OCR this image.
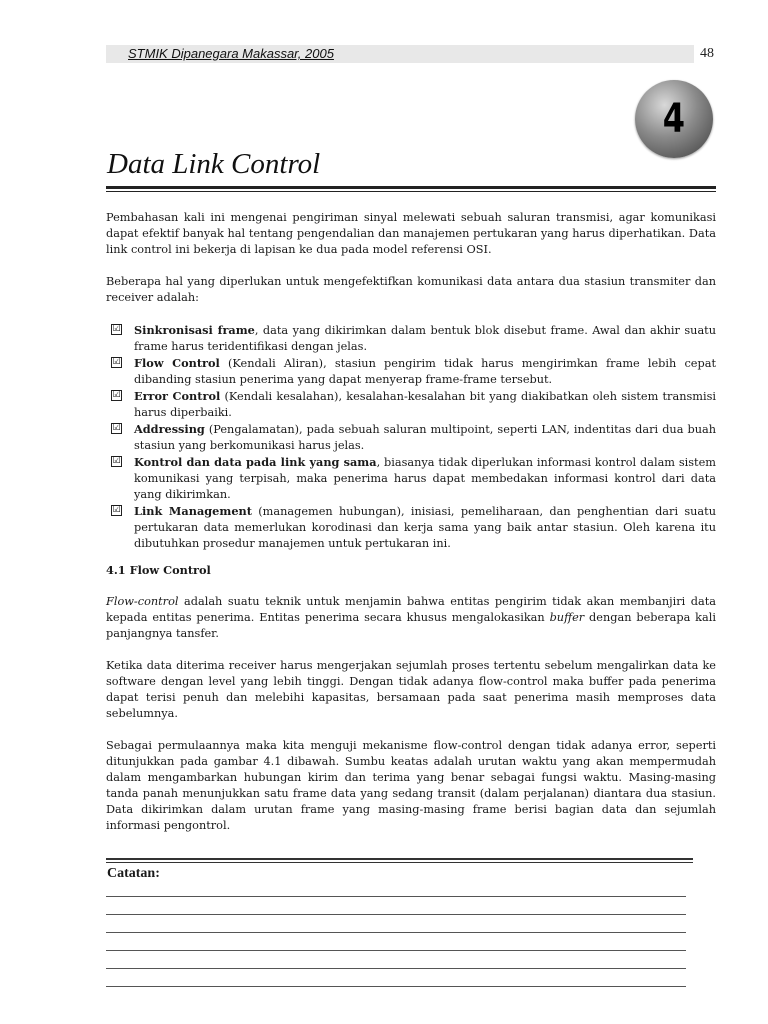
STMIK Dipanegara Makassar, 2005	48
4
Data Link Control

Pembahasan kali ini mengenai pengiriman sinyal melewati sebuah saluran transmisi, agar komunikasi dapat efektif banyak hal tentang pengendalian dan manajemen pertukaran yang harus diperhatikan. Data link control ini bekerja di lapisan ke dua pada model referensi OSI.

Beberapa hal yang diperlukan untuk mengefektifkan komunikasi data antara dua stasiun transmiter dan receiver adalah:

☑ Sinkronisasi frame, data yang dikirimkan dalam bentuk blok disebut frame. Awal dan akhir suatu frame harus teridentifikasi dengan jelas.
☑ Flow Control (Kendali Aliran), stasiun pengirim tidak harus mengirimkan frame lebih cepat dibanding stasiun penerima yang dapat menyerap frame-frame tersebut.
☑ Error Control (Kendali kesalahan), kesalahan-kesalahan bit yang diakibatkan oleh sistem transmisi harus diperbaiki.
☑ Addressing (Pengalamatan), pada sebuah saluran multipoint, seperti LAN, indentitas dari dua buah stasiun yang berkomunikasi harus jelas.
☑ Kontrol dan data pada link yang sama, biasanya tidak diperlukan informasi kontrol dalam sistem komunikasi yang terpisah, maka penerima harus dapat membedakan informasi kontrol dari data yang dikirimkan.
☑ Link Management (managemen hubungan), inisiasi, pemeliharaan, dan penghentian dari suatu pertukaran data memerlukan korodinasi dan kerja sama yang baik antar stasiun. Oleh karena itu dibutuhkan prosedur manajemen untuk pertukaran ini.
4.1 Flow Control

Flow-control adalah suatu teknik untuk menjamin bahwa entitas pengirim tidak akan membanjiri data kepada entitas penerima. Entitas penerima secara khusus mengalokasikan buffer dengan beberapa kali panjangnya tansfer.

Ketika data diterima receiver harus mengerjakan sejumlah proses tertentu sebelum mengalirkan data ke software dengan level yang lebih tinggi. Dengan tidak adanya flow-control maka buffer pada penerima dapat terisi penuh dan melebihi kapasitas, bersamaan pada saat penerima masih memproses data sebelumnya.

Sebagai permulaannya maka kita menguji mekanisme flow-control dengan tidak adanya error, seperti ditunjukkan pada gambar 4.1 dibawah. Sumbu keatas adalah urutan waktu yang akan mempermudah dalam mengambarkan hubungan kirim dan terima yang benar sebagai fungsi waktu. Masing-masing tanda panah menunjukkan satu frame data yang sedang transit (dalam perjalanan) diantara dua stasiun. Data dikirimkan dalam urutan frame yang masing-masing frame berisi bagian data dan sejumlah informasi pengontrol.

Catatan:
